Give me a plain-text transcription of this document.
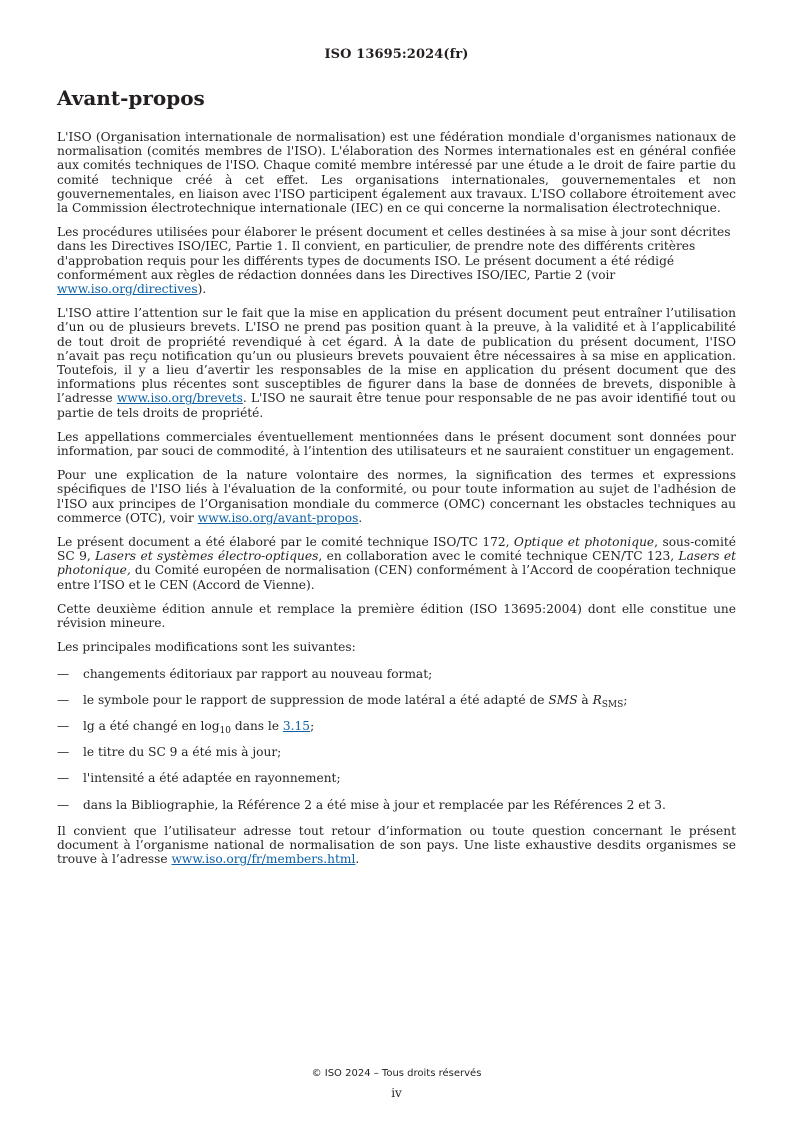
ISO 13695:2024(fr)
Avant-propos

L'ISO (Organisation internationale de normalisation) est une fédération mondiale d'organismes nationaux de normalisation (comités membres de l'ISO). L'élaboration des Normes internationales est en général confiée aux comités techniques de l'ISO. Chaque comité membre intéressé par une étude a le droit de faire partie du comité technique créé à cet effet. Les organisations internationales, gouvernementales et non gouvernementales, en liaison avec l'ISO participent également aux travaux. L'ISO collabore étroitement avec la Commission électrotechnique internationale (IEC) en ce qui concerne la normalisation électrotechnique.

Les procédures utilisées pour élaborer le présent document et celles destinées à sa mise à jour sont décrites dans les Directives ISO/IEC, Partie 1. Il convient, en particulier, de prendre note des différents critères d'approbation requis pour les différents types de documents ISO. Le présent document a été rédigé conformément aux règles de rédaction données dans les Directives ISO/IEC, Partie 2 (voir www.iso.org/directives).

L'ISO attire l’attention sur le fait que la mise en application du présent document peut entraîner l’utilisation d’un ou de plusieurs brevets. L'ISO ne prend pas position quant à la preuve, à la validité et à l’applicabilité de tout droit de propriété revendiqué à cet égard. À la date de publication du présent document, l'ISO n’avait pas reçu notification qu’un ou plusieurs brevets pouvaient être nécessaires à sa mise en application. Toutefois, il y a lieu d’avertir les responsables de la mise en application du présent document que des informations plus récentes sont susceptibles de figurer dans la base de données de brevets, disponible à l’adresse www.iso.org/brevets. L'ISO ne saurait être tenue pour responsable de ne pas avoir identifié tout ou partie de tels droits de propriété.

Les appellations commerciales éventuellement mentionnées dans le présent document sont données pour information, par souci de commodité, à l’intention des utilisateurs et ne sauraient constituer un engagement.

Pour une explication de la nature volontaire des normes, la signification des termes et expressions spécifiques de l'ISO liés à l'évaluation de la conformité, ou pour toute information au sujet de l'adhésion de l'ISO aux principes de l’Organisation mondiale du commerce (OMC) concernant les obstacles techniques au commerce (OTC), voir www.iso.org/avant-propos.

Le présent document a été élaboré par le comité technique ISO/TC 172, Optique et photonique, sous-comité SC 9, Lasers et systèmes électro-optiques, en collaboration avec le comité technique CEN/TC 123, Lasers et photonique, du Comité européen de normalisation (CEN) conformément à l’Accord de coopération technique entre l’ISO et le CEN (Accord de Vienne).

Cette deuxième édition annule et remplace la première édition (ISO 13695:2004) dont elle constitue une révision mineure.

Les principales modifications sont les suivantes:

—	changements éditoriaux par rapport au nouveau format;
—	le symbole pour le rapport de suppression de mode latéral a été adapté de SMS à $R_{SMS}$;
—	lg a été changé en $\log_{10}$ dans le 3.15;
—	le titre du SC 9 a été mis à jour;
—	l'intensité a été adaptée en rayonnement;
—	dans la Bibliographie, la Référence 2 a été mise à jour et remplacée par les Références 2 et 3.

Il convient que l’utilisateur adresse tout retour d’information ou toute question concernant le présent document à l’organisme national de normalisation de son pays. Une liste exhaustive desdits organismes se trouve à l’adresse www.iso.org/fr/members.html.

© ISO 2024 – Tous droits réservés
iv
